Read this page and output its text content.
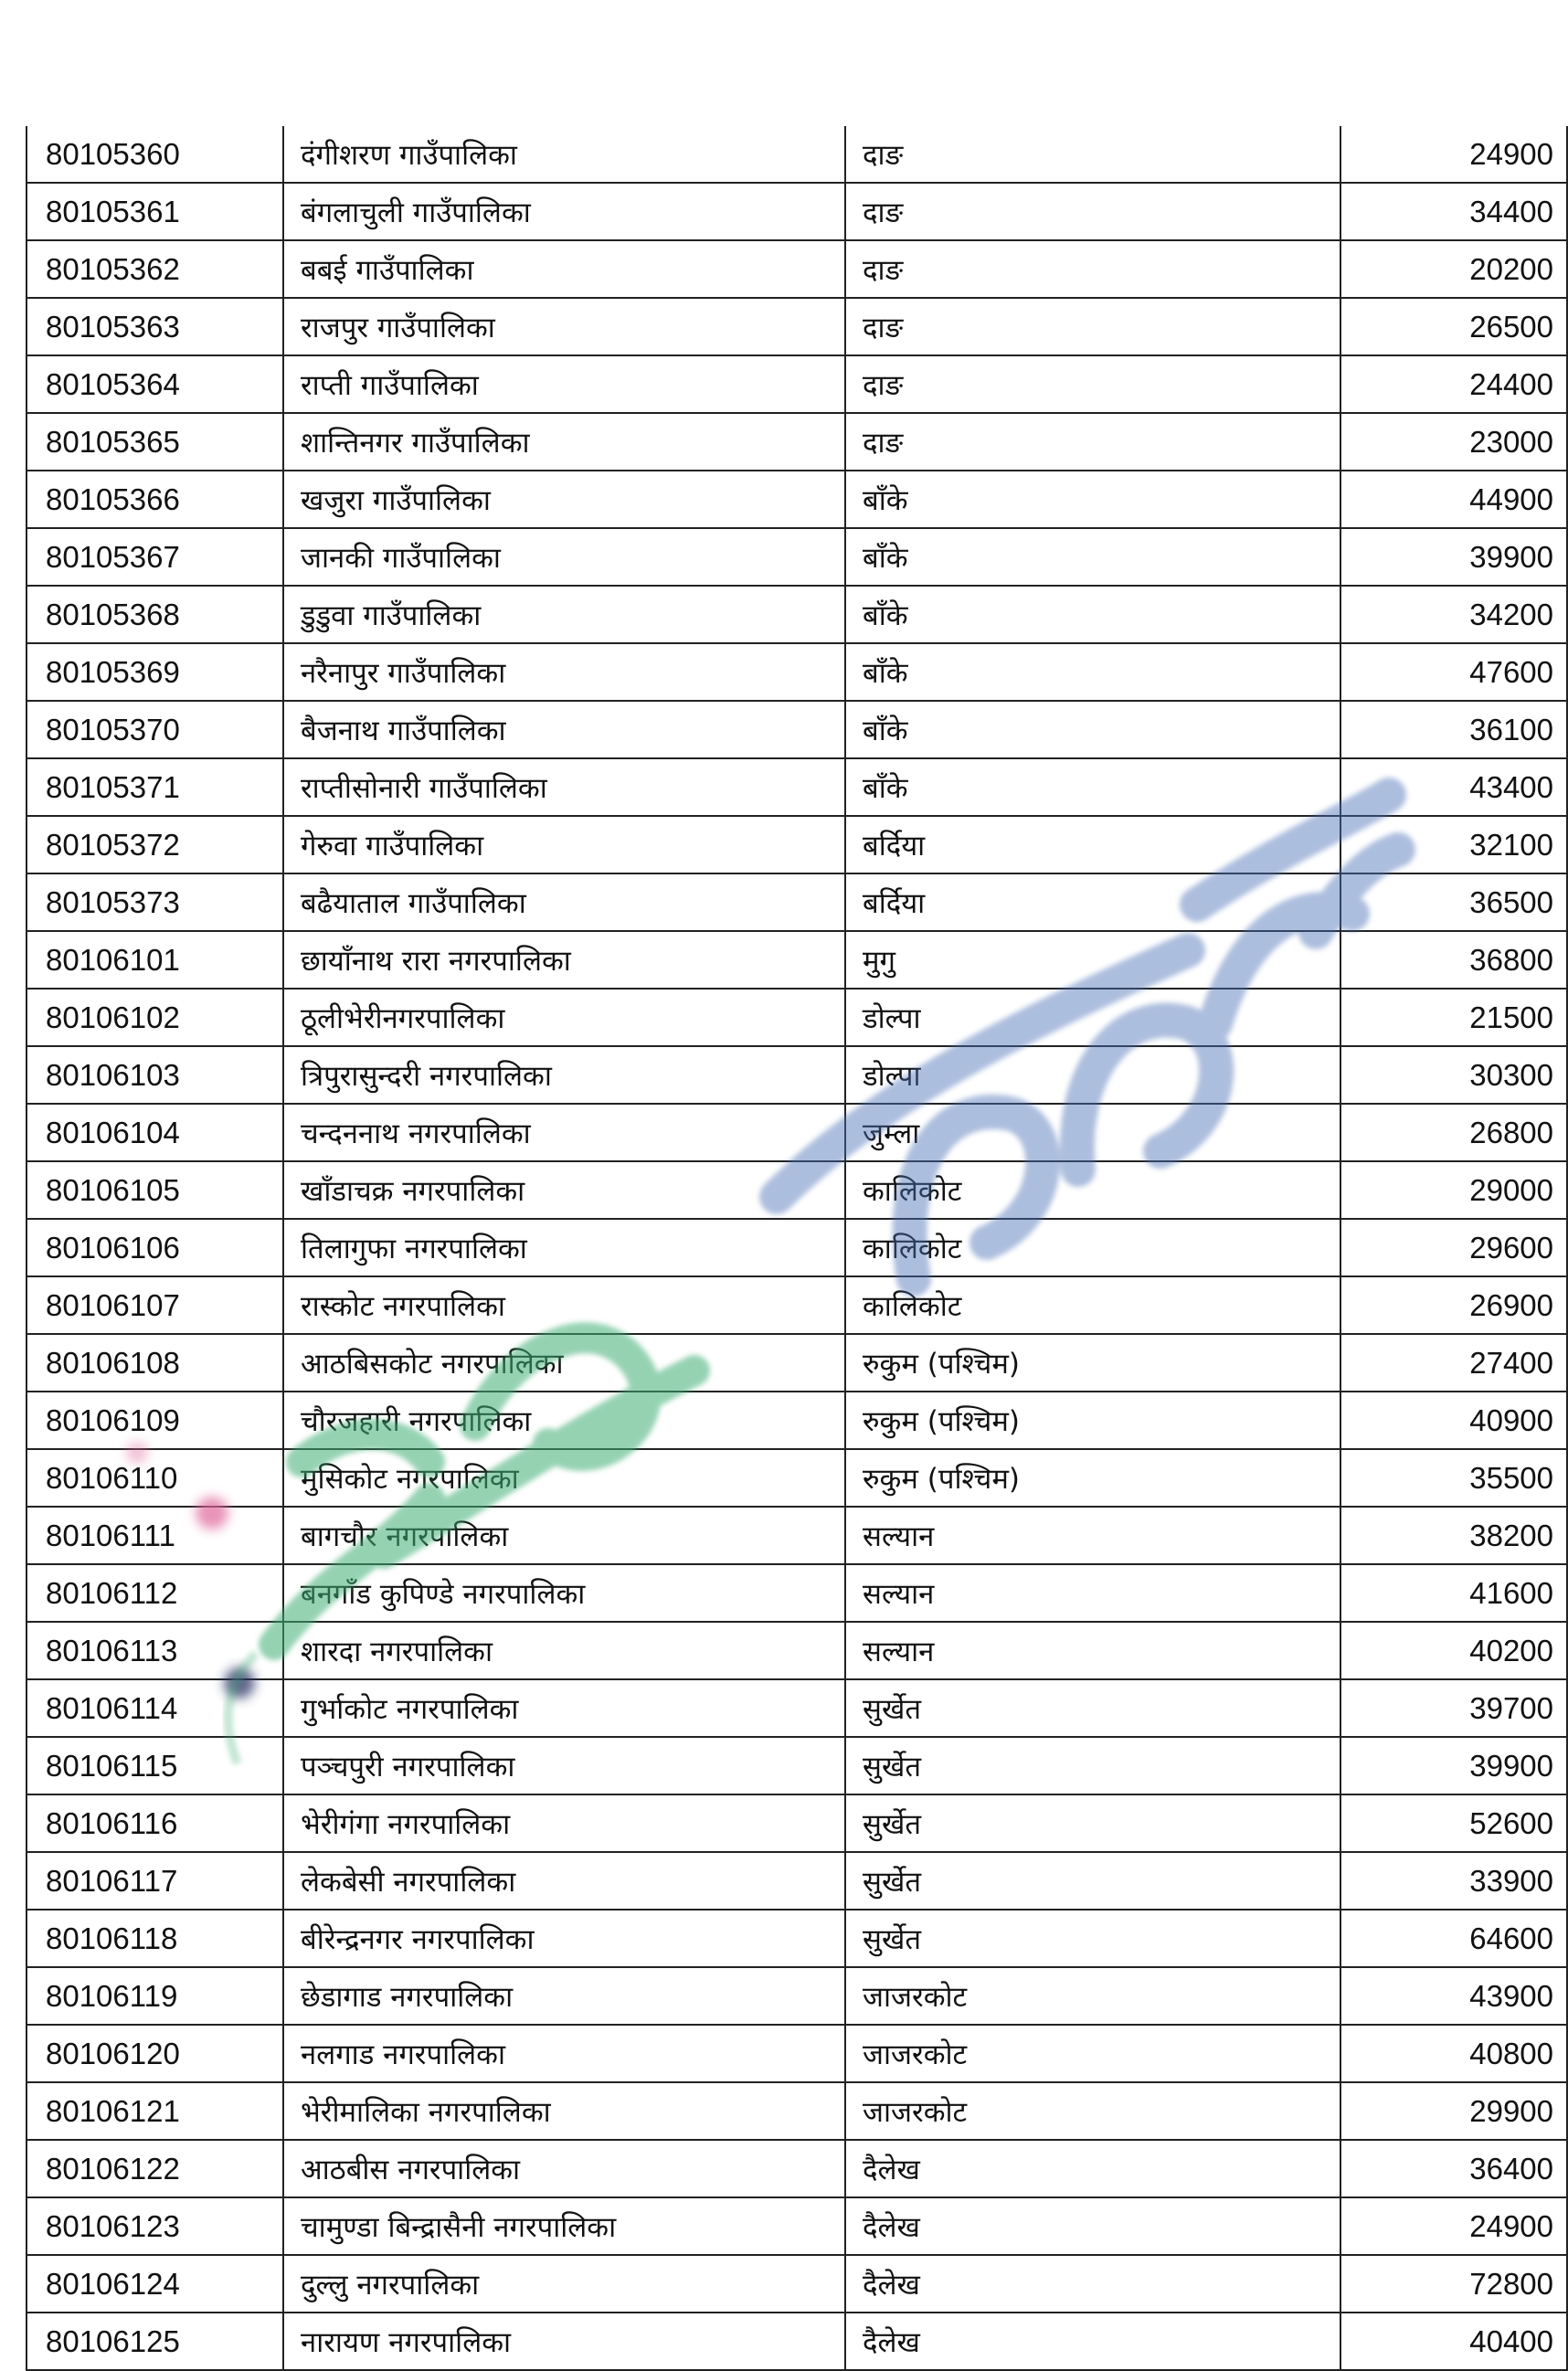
80105360	दंगीशरण गाउँपालिका	दाङ	24900
80105361	बंगलाचुली गाउँपालिका	दाङ	34400
80105362	बबई गाउँपालिका	दाङ	20200
80105363	राजपुर गाउँपालिका	दाङ	26500
80105364	राप्ती गाउँपालिका	दाङ	24400
80105365	शान्तिनगर गाउँपालिका	दाङ	23000
80105366	खजुरा गाउँपालिका	बाँके	44900
80105367	जानकी गाउँपालिका	बाँके	39900
80105368	डुडुवा गाउँपालिका	बाँके	34200
80105369	नरैनापुर गाउँपालिका	बाँके	47600
80105370	बैजनाथ गाउँपालिका	बाँके	36100
80105371	राप्तीसोनारी गाउँपालिका	बाँके	43400
80105372	गेरुवा गाउँपालिका	बर्दिया	32100
80105373	बढैयाताल गाउँपालिका	बर्दिया	36500
80106101	छायाँनाथ रारा नगरपालिका	मुगु	36800
80106102	ठूलीभेरीनगरपालिका	डोल्पा	21500
80106103	त्रिपुरासुन्दरी नगरपालिका	डोल्पा	30300
80106104	चन्दननाथ नगरपालिका	जुम्ला	26800
80106105	खाँडाचक्र नगरपालिका	कालिकोट	29000
80106106	तिलागुफा नगरपालिका	कालिकोट	29600
80106107	रास्कोट नगरपालिका	कालिकोट	26900
80106108	आठबिसकोट नगरपालिका	रुकुम (पश्चिम)	27400
80106109	चौरजहारी नगरपालिका	रुकुम (पश्चिम)	40900
80106110	मुसिकोट नगरपालिका	रुकुम (पश्चिम)	35500
80106111	बागचौर नगरपालिका	सल्यान	38200
80106112	बनगाँड कुपिण्डे नगरपालिका	सल्यान	41600
80106113	शारदा नगरपालिका	सल्यान	40200
80106114	गुर्भाकोट नगरपालिका	सुर्खेत	39700
80106115	पञ्चपुरी नगरपालिका	सुर्खेत	39900
80106116	भेरीगंगा नगरपालिका	सुर्खेत	52600
80106117	लेकबेसी नगरपालिका	सुर्खेत	33900
80106118	बीरेन्द्रनगर नगरपालिका	सुर्खेत	64600
80106119	छेडागाड नगरपालिका	जाजरकोट	43900
80106120	नलगाड नगरपालिका	जाजरकोट	40800
80106121	भेरीमालिका नगरपालिका	जाजरकोट	29900
80106122	आठबीस नगरपालिका	दैलेख	36400
80106123	चामुण्डा बिन्द्रासैनी नगरपालिका	दैलेख	24900
80106124	दुल्लु नगरपालिका	दैलेख	72800
80106125	नारायण नगरपालिका	दैलेख	40400
